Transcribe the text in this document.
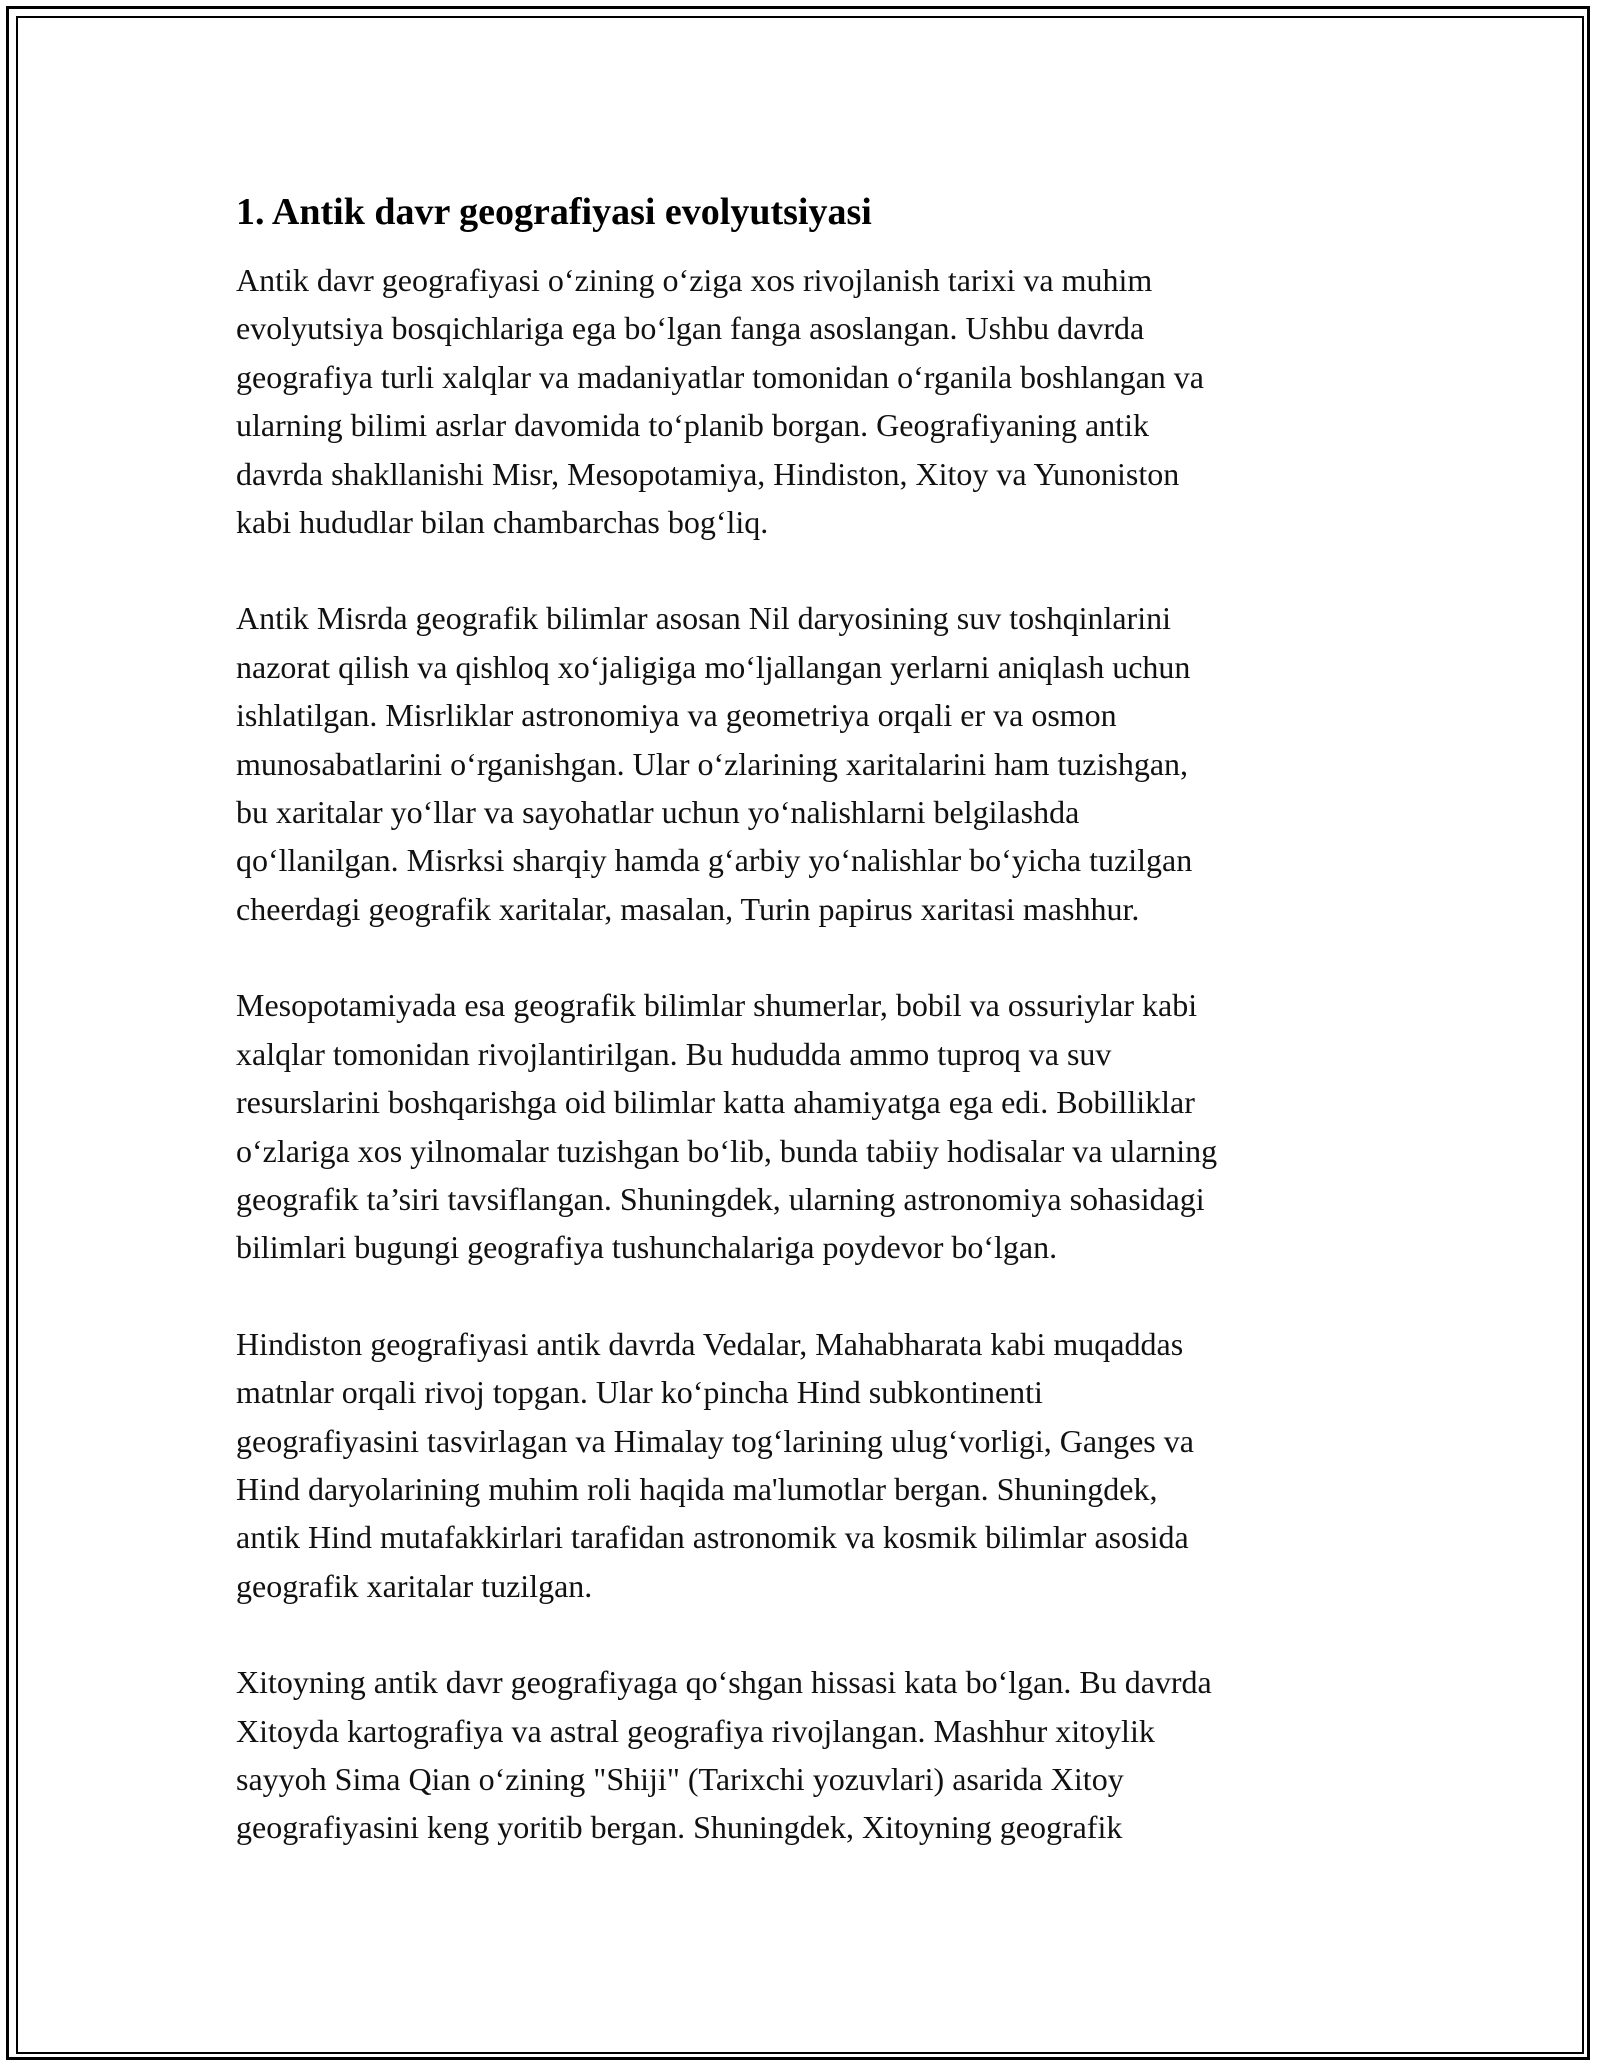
1. Antik davr geografiyasi evolyutsiyasi

Antik davr geografiyasi o‘zining o‘ziga xos rivojlanish tarixi va muhim
evolyutsiya bosqichlariga ega bo‘lgan fanga asoslangan. Ushbu davrda
geografiya turli xalqlar va madaniyatlar tomonidan o‘rganila boshlangan va
ularning bilimi asrlar davomida to‘planib borgan. Geografiyaning antik
davrda shakllanishi Misr, Mesopotamiya, Hindiston, Xitoy va Yunoniston
kabi hududlar bilan chambarchas bog‘liq.

Antik Misrda geografik bilimlar asosan Nil daryosining suv toshqinlarini
nazorat qilish va qishloq xo‘jaligiga mo‘ljallangan yerlarni aniqlash uchun
ishlatilgan. Misrliklar astronomiya va geometriya orqali er va osmon
munosabatlarini o‘rganishgan. Ular o‘zlarining xaritalarini ham tuzishgan,
bu xaritalar yo‘llar va sayohatlar uchun yo‘nalishlarni belgilashda
qo‘llanilgan. Misrksi sharqiy hamda g‘arbiy yo‘nalishlar bo‘yicha tuzilgan
cheerdagi geografik xaritalar, masalan, Turin papirus xaritasi mashhur.

Mesopotamiyada esa geografik bilimlar shumerlar, bobil va ossuriylar kabi
xalqlar tomonidan rivojlantirilgan. Bu hududda ammo tuproq va suv
resurslarini boshqarishga oid bilimlar katta ahamiyatga ega edi. Bobilliklar
o‘zlariga xos yilnomalar tuzishgan bo‘lib, bunda tabiiy hodisalar va ularning
geografik ta’siri tavsiflangan. Shuningdek, ularning astronomiya sohasidagi
bilimlari bugungi geografiya tushunchalariga poydevor bo‘lgan.

Hindiston geografiyasi antik davrda Vedalar, Mahabharata kabi muqaddas
matnlar orqali rivoj topgan. Ular ko‘pincha Hind subkontinenti
geografiyasini tasvirlagan va Himalay tog‘larining ulug‘vorligi, Ganges va
Hind daryolarining muhim roli haqida ma'lumotlar bergan. Shuningdek,
antik Hind mutafakkirlari tarafidan astronomik va kosmik bilimlar asosida
geografik xaritalar tuzilgan.

Xitoyning antik davr geografiyaga qo‘shgan hissasi kata bo‘lgan. Bu davrda
Xitoyda kartografiya va astral geografiya rivojlangan. Mashhur xitoylik
sayyoh Sima Qian o‘zining "Shiji" (Tarixchi yozuvlari) asarida Xitoy
geografiyasini keng yoritib bergan. Shuningdek, Xitoyning geografik
